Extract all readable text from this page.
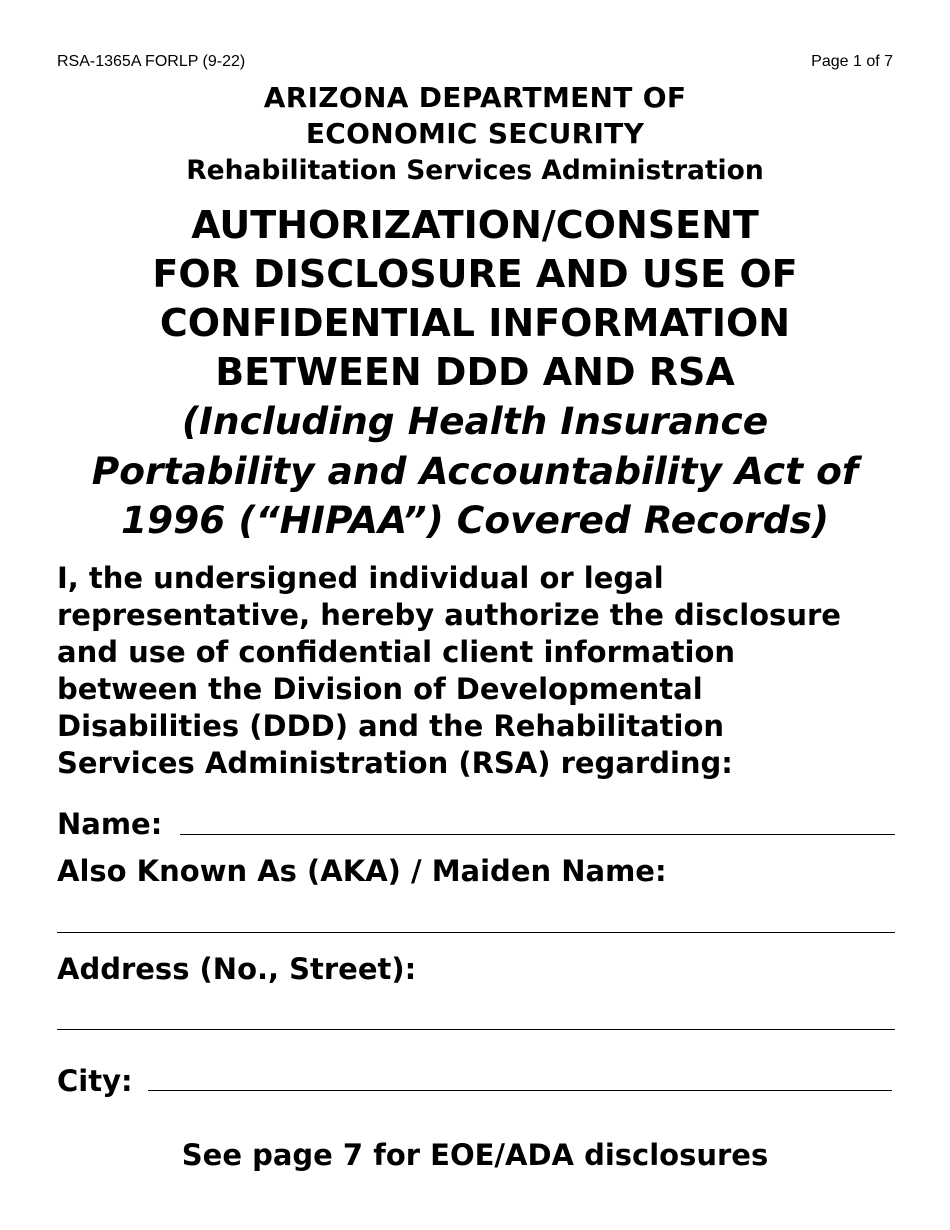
RSA-1365A FORLP (9-22)	Page 1 of 7
ARIZONA DEPARTMENT OF
ECONOMIC SECURITY
Rehabilitation Services Administration
AUTHORIZATION/CONSENT
FOR DISCLOSURE AND USE OF
CONFIDENTIAL INFORMATION
BETWEEN DDD AND RSA
(Including Health Insurance
Portability and Accountability Act of
1996 (“HIPAA”) Covered Records)
I, the undersigned individual or legal
representative, hereby authorize the disclosure
and use of confidential client information
between the Division of Developmental
Disabilities (DDD) and the Rehabilitation
Services Administration (RSA) regarding:
Name:
Also Known As (AKA) / Maiden Name:
Address (No., Street):
City:
See page 7 for EOE/ADA disclosures
